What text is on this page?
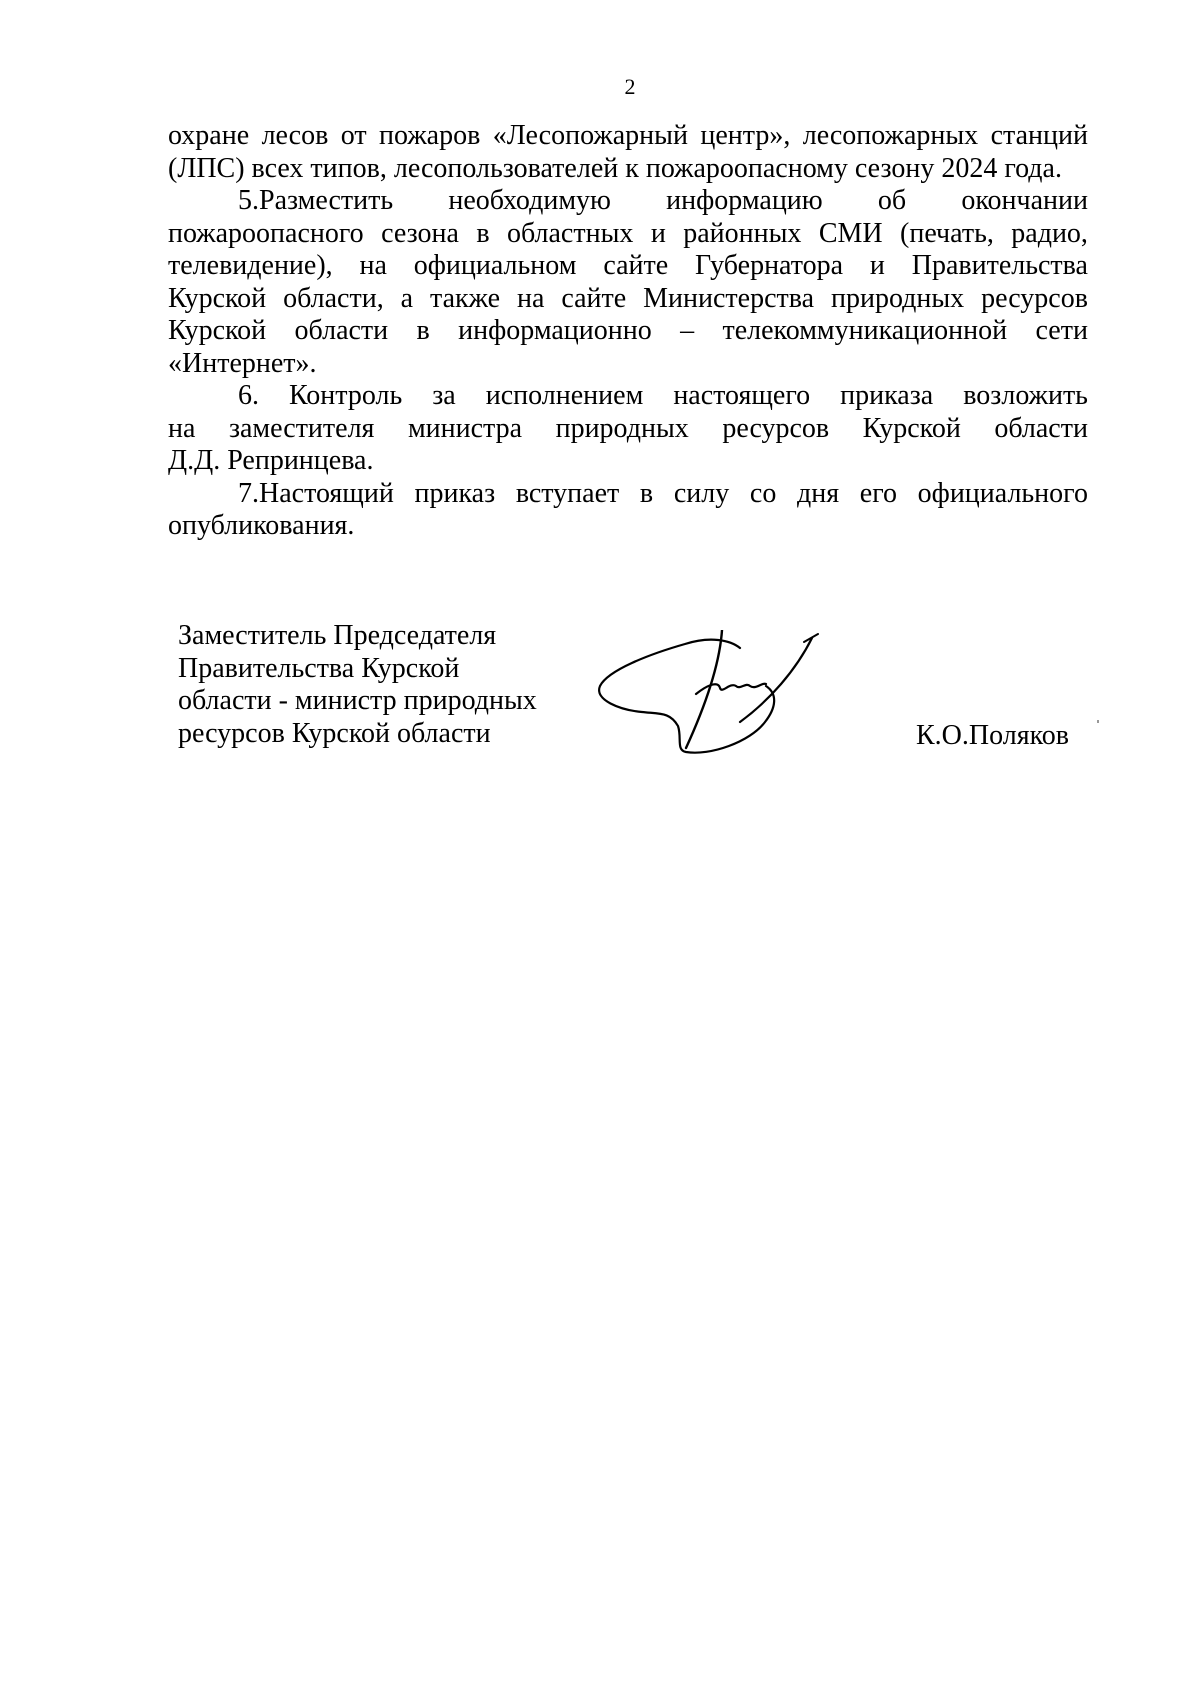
2
охране лесов от пожаров «Лесопожарный центр», лесопожарных станций
(ЛПС) всех типов, лесопользователей к пожароопасному сезону 2024 года.
5.Разместить необходимую информацию об окончании
пожароопасного сезона в областных и районных СМИ (печать, радио,
телевидение), на официальном сайте Губернатора и Правительства
Курской области, а также на сайте Министерства природных ресурсов
Курской области в информационно – телекоммуникационной сети
«Интернет».
6. Контроль за исполнением настоящего приказа возложить
на заместителя министра природных ресурсов Курской области
Д.Д. Репринцева.
7.Настоящий приказ вступает в силу со дня его официального
опубликования.
Заместитель Председателя
Правительства Курской
области - министр природных
ресурсов Курской области	К.О.Поляков
